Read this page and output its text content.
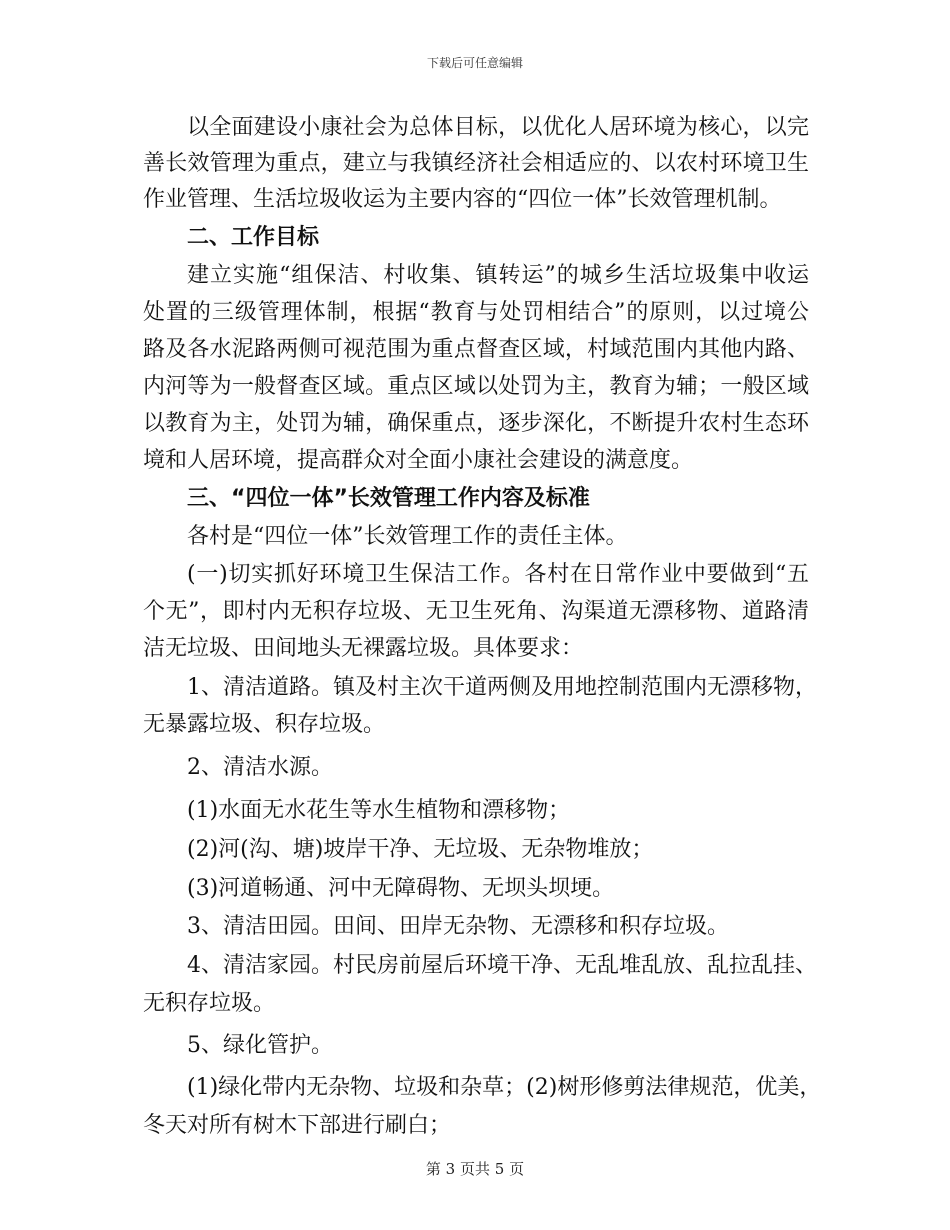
下载后可任意编辑
以全面建设小康社会为总体目标，以优化人居环境为核心，以完
善长效管理为重点，建立与我镇经济社会相适应的、以农村环境卫生
作业管理、生活垃圾收运为主要内容的“四位一体”长效管理机制。
二、工作目标
建立实施“组保洁、村收集、镇转运”的城乡生活垃圾集中收运
处置的三级管理体制，根据“教育与处罚相结合”的原则，以过境公
路及各水泥路两侧可视范围为重点督查区域，村域范围内其他内路、
内河等为一般督查区域。重点区域以处罚为主，教育为辅；一般区域
以教育为主，处罚为辅，确保重点，逐步深化，不断提升农村生态环
境和人居环境，提高群众对全面小康社会建设的满意度。
三、“四位一体”长效管理工作内容及标准
各村是“四位一体”长效管理工作的责任主体。
(一)切实抓好环境卫生保洁工作。各村在日常作业中要做到“五
个无”，即村内无积存垃圾、无卫生死角、沟渠道无漂移物、道路清
洁无垃圾、田间地头无裸露垃圾。具体要求：
1、清洁道路。镇及村主次干道两侧及用地控制范围内无漂移物，
无暴露垃圾、积存垃圾。
2、清洁水源。
(1)水面无水花生等水生植物和漂移物；
(2)河(沟、塘)坡岸干净、无垃圾、无杂物堆放；
(3)河道畅通、河中无障碍物、无坝头坝埂。
3、清洁田园。田间、田岸无杂物、无漂移和积存垃圾。
4、清洁家园。村民房前屋后环境干净、无乱堆乱放、乱拉乱挂、
无积存垃圾。
5、绿化管护。
(1)绿化带内无杂物、垃圾和杂草；(2)树形修剪法律规范，优美，
冬天对所有树木下部进行刷白；
第 3 页共 5 页
